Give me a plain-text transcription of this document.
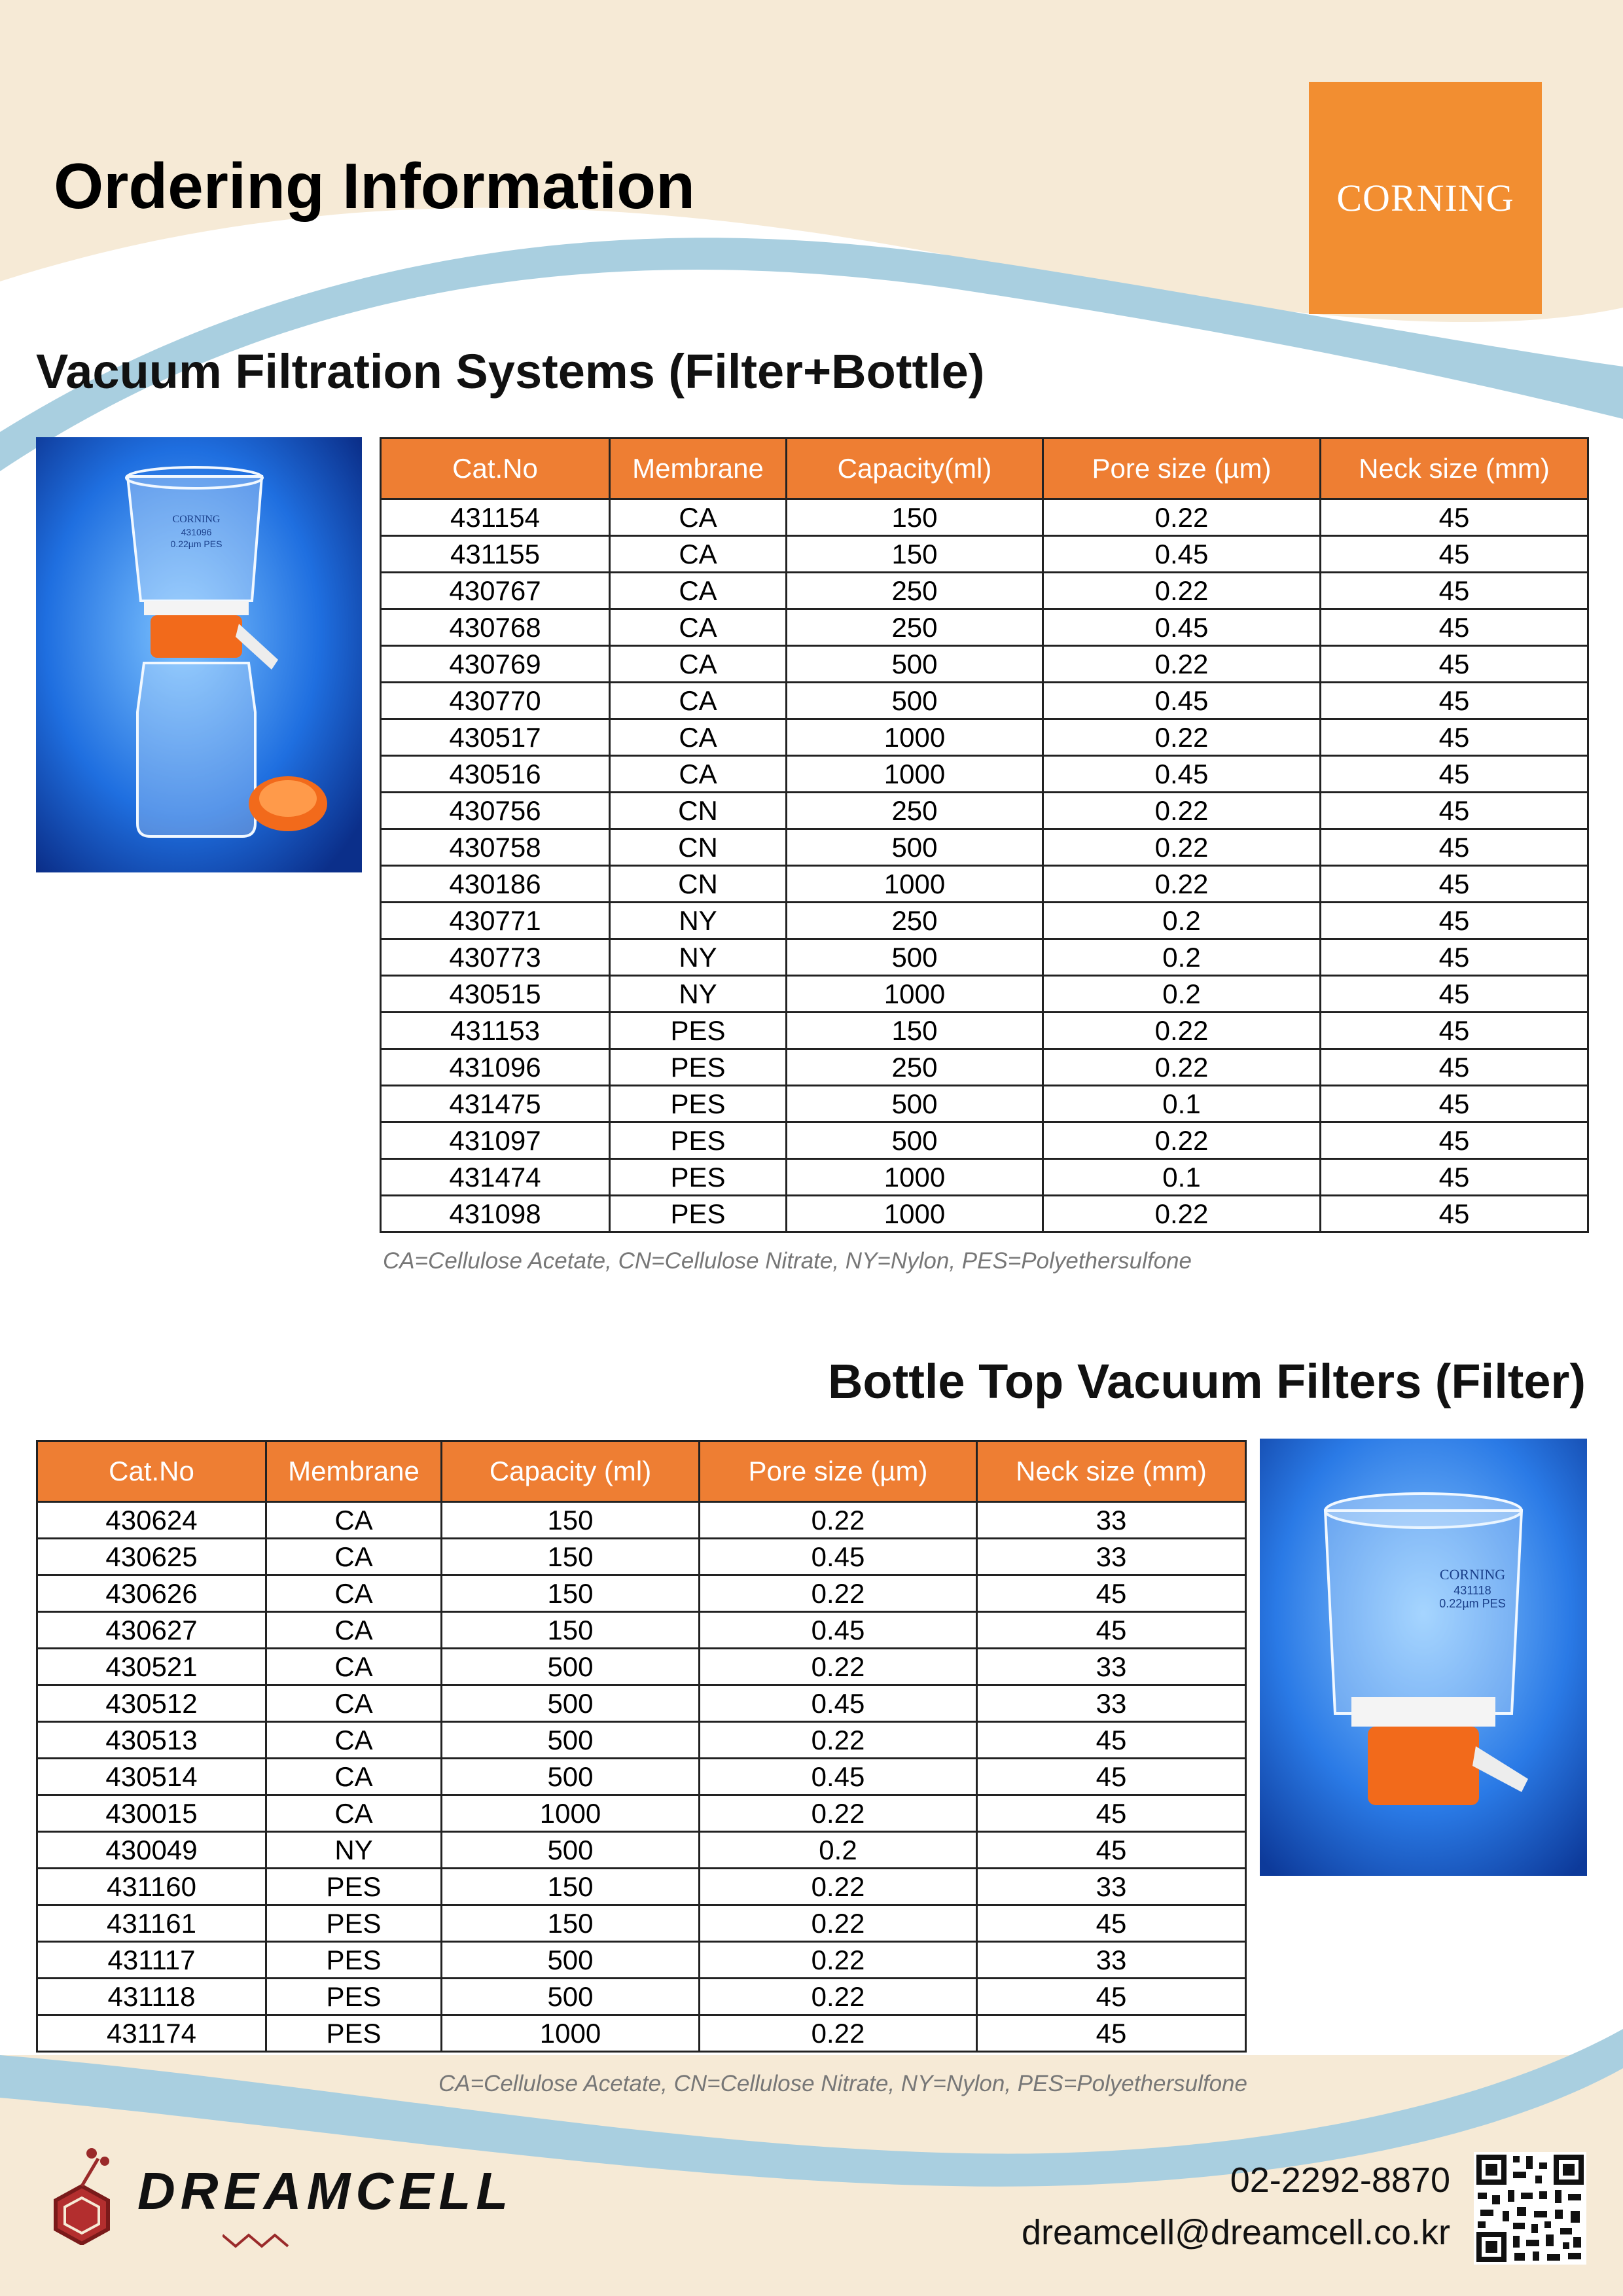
Ordering Information	CORNING
Vacuum Filtration Systems (Filter+Bottle)
CORNING
431096
0.22µm PES
Cat.No	Membrane	Capacity(ml)	Pore size (µm)	Neck size (mm)
431154	CA	150	0.22	45
431155	CA	150	0.45	45
430767	CA	250	0.22	45
430768	CA	250	0.45	45
430769	CA	500	0.22	45
430770	CA	500	0.45	45
430517	CA	1000	0.22	45
430516	CA	1000	0.45	45
430756	CN	250	0.22	45
430758	CN	500	0.22	45
430186	CN	1000	0.22	45
430771	NY	250	0.2	45
430773	NY	500	0.2	45
430515	NY	1000	0.2	45
431153	PES	150	0.22	45
431096	PES	250	0.22	45
431475	PES	500	0.1	45
431097	PES	500	0.22	45
431474	PES	1000	0.1	45
431098	PES	1000	0.22	45
CA=Cellulose Acetate, CN=Cellulose Nitrate, NY=Nylon, PES=Polyethersulfone
Bottle Top Vacuum Filters (Filter)
Cat.No	Membrane	Capacity (ml)	Pore size (µm)	Neck size (mm)
430624	CA	150	0.22	33
430625	CA	150	0.45	33
430626	CA	150	0.22	45
430627	CA	150	0.45	45
430521	CA	500	0.22	33
430512	CA	500	0.45	33
430513	CA	500	0.22	45
430514	CA	500	0.45	45
430015	CA	1000	0.22	45
430049	NY	500	0.2	45
431160	PES	150	0.22	33
431161	PES	150	0.22	45
431117	PES	500	0.22	33
431118	PES	500	0.22	45
431174	PES	1000	0.22	45
CA=Cellulose Acetate, CN=Cellulose Nitrate, NY=Nylon, PES=Polyethersulfone
CORNING
431118
0.22µm PES
DREAMCELL	02-2292-8870
dreamcell@dreamcell.co.kr
